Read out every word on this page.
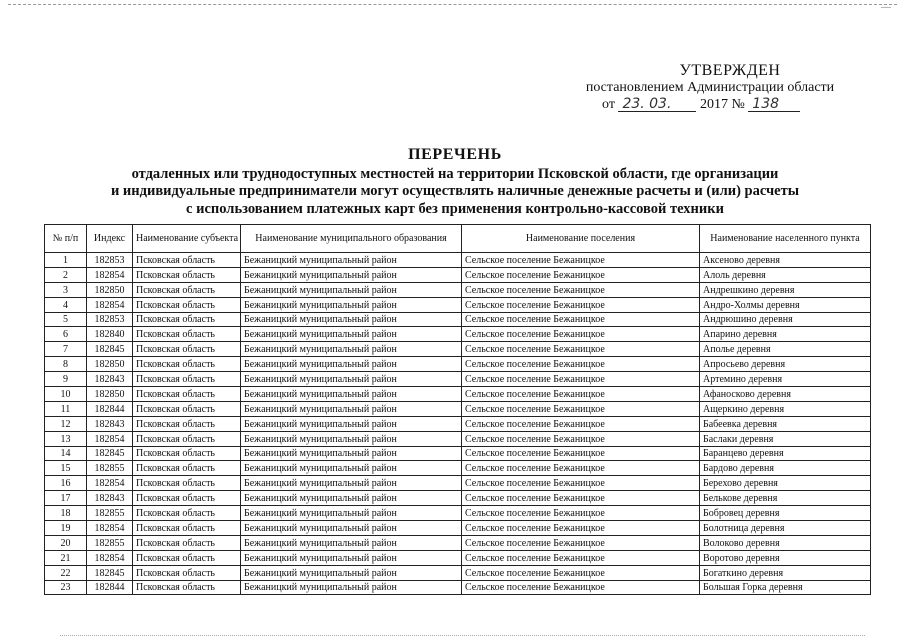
—
УТВЕРЖДЕН
постановлением Администрации области
от 23. 03. 2017 № 138
ПЕРЕЧЕНЬ
отдаленных или труднодоступных местностей на территории Псковской области, где организации
и индивидуальные предприниматели могут осуществлять наличные денежные расчеты и (или) расчеты
с использованием платежных карт без применения контрольно-кассовой техники
№ п/п	Индекс	Наименование субъекта	Наименование муниципального образования	Наименование поселения	Наименование населенного пункта
1	182853	Псковская область	Бежаницкий муниципальный район	Сельское поселение Бежаницкое	Аксеново деревня
2	182854	Псковская область	Бежаницкий муниципальный район	Сельское поселение Бежаницкое	Алоль деревня
3	182850	Псковская область	Бежаницкий муниципальный район	Сельское поселение Бежаницкое	Андрешкино деревня
4	182854	Псковская область	Бежаницкий муниципальный район	Сельское поселение Бежаницкое	Андро-Холмы деревня
5	182853	Псковская область	Бежаницкий муниципальный район	Сельское поселение Бежаницкое	Андрюшино деревня
6	182840	Псковская область	Бежаницкий муниципальный район	Сельское поселение Бежаницкое	Апарино деревня
7	182845	Псковская область	Бежаницкий муниципальный район	Сельское поселение Бежаницкое	Аполье деревня
8	182850	Псковская область	Бежаницкий муниципальный район	Сельское поселение Бежаницкое	Апросьево деревня
9	182843	Псковская область	Бежаницкий муниципальный район	Сельское поселение Бежаницкое	Артемино деревня
10	182850	Псковская область	Бежаницкий муниципальный район	Сельское поселение Бежаницкое	Афаносково деревня
11	182844	Псковская область	Бежаницкий муниципальный район	Сельское поселение Бежаницкое	Ащеркино деревня
12	182843	Псковская область	Бежаницкий муниципальный район	Сельское поселение Бежаницкое	Бабеевка деревня
13	182854	Псковская область	Бежаницкий муниципальный район	Сельское поселение Бежаницкое	Баслаки деревня
14	182845	Псковская область	Бежаницкий муниципальный район	Сельское поселение Бежаницкое	Баранцево деревня
15	182855	Псковская область	Бежаницкий муниципальный район	Сельское поселение Бежаницкое	Бардово деревня
16	182854	Псковская область	Бежаницкий муниципальный район	Сельское поселение Бежаницкое	Берехово деревня
17	182843	Псковская область	Бежаницкий муниципальный район	Сельское поселение Бежаницкое	Белькове деревня
18	182855	Псковская область	Бежаницкий муниципальный район	Сельское поселение Бежаницкое	Бобровец деревня
19	182854	Псковская область	Бежаницкий муниципальный район	Сельское поселение Бежаницкое	Болотница деревня
20	182855	Псковская область	Бежаницкий муниципальный район	Сельское поселение Бежаницкое	Волоково деревня
21	182854	Псковская область	Бежаницкий муниципальный район	Сельское поселение Бежаницкое	Воротово деревня
22	182845	Псковская область	Бежаницкий муниципальный район	Сельское поселение Бежаницкое	Богаткино деревня
23	182844	Псковская область	Бежаницкий муниципальный район	Сельское поселение Бежаницкое	Большая Горка деревня
